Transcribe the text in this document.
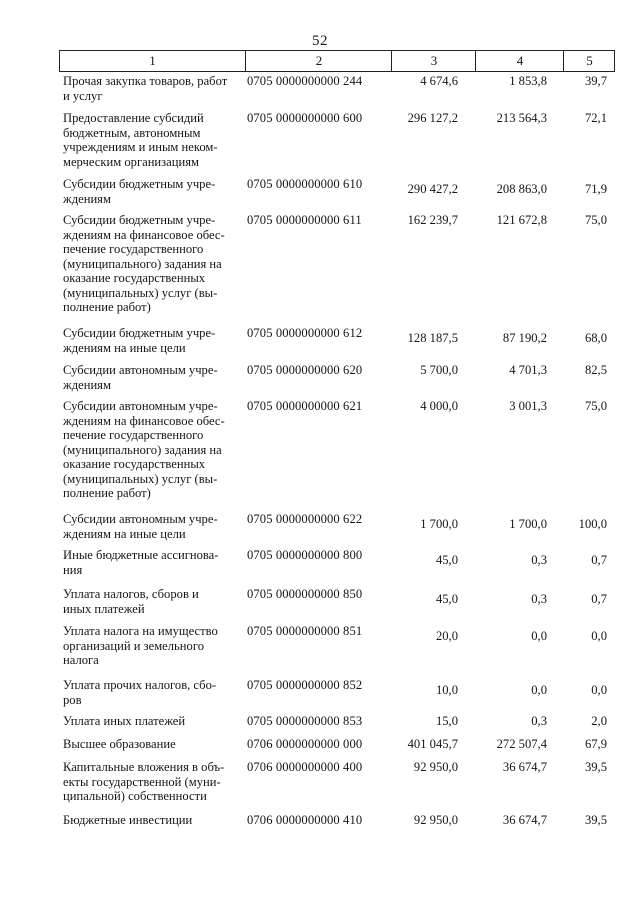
52
1	2	3	4	5
Прочая закупка товаров, работ
и услуг
0705 0000000000 244	4 674,6	1 853,8	39,7
Предоставление субсидий
бюджетным, автономным
учреждениям и иным неком-
мерческим организациям
0705 0000000000 600	296 127,2	213 564,3	72,1
Субсидии бюджетным учре-
ждениям
0705 0000000000 610	290 427,2	208 863,0	71,9
Субсидии бюджетным учре-
ждениям на финансовое обес-
печение государственного
(муниципального) задания на
оказание государственных
(муниципальных) услуг (вы-
полнение работ)
0705 0000000000 611	162 239,7	121 672,8	75,0
Субсидии бюджетным учре-
ждениям на иные цели
0705 0000000000 612	128 187,5	87 190,2	68,0
Субсидии автономным учре-
ждениям
0705 0000000000 620	5 700,0	4 701,3	82,5
Субсидии автономным учре-
ждениям на финансовое обес-
печение государственного
(муниципального) задания на
оказание государственных
(муниципальных) услуг (вы-
полнение работ)
0705 0000000000 621	4 000,0	3 001,3	75,0
Субсидии автономным учре-
ждениям на иные цели
0705 0000000000 622	1 700,0	1 700,0	100,0
Иные бюджетные ассигнова-
ния
0705 0000000000 800	45,0	0,3	0,7
Уплата налогов, сборов и
иных платежей
0705 0000000000 850	45,0	0,3	0,7
Уплата налога на имущество
организаций и земельного
налога
0705 0000000000 851	20,0	0,0	0,0
Уплата прочих налогов, сбо-
ров
0705 0000000000 852	10,0	0,0	0,0
Уплата иных платежей	0705 0000000000 853	15,0	0,3	2,0
Высшее образование	0706 0000000000 000	401 045,7	272 507,4	67,9
Капитальные вложения в объ-
екты государственной (муни-
ципальной) собственности
0706 0000000000 400	92 950,0	36 674,7	39,5
Бюджетные инвестиции	0706 0000000000 410	92 950,0	36 674,7	39,5
